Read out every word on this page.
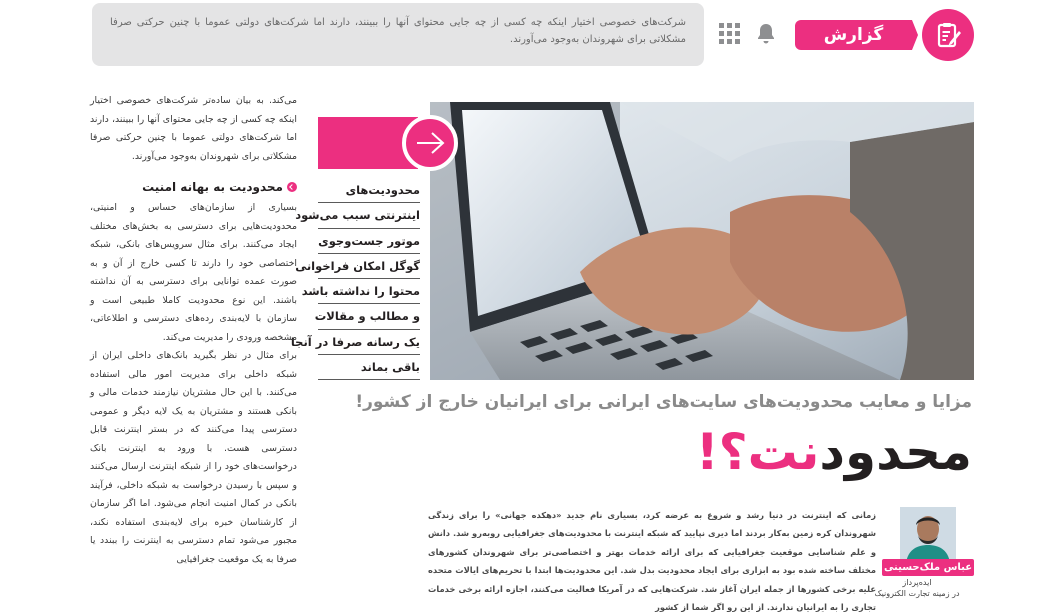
گزارش
شرکت‌های خصوصی اختیار اینکه چه کسی از چه جایی محتوای آنها را ببینند، دارند اما شرکت‌های دولتی عموما با چنین حرکتی صرفا مشکلاتی برای شهروندان به‌وجود می‌آورند.
محدودیت‌های
اینترنتی سبب می‌شود
موتور جست‌وجوی
گوگل امکان فراخوانی
محتوا را نداشته باشد
و مطالب و مقالات
یک رسانه صرفا در آنجا
باقی بماند
مزایا و معایب محدودیت‌های سایت‌های ایرانی برای ایرانیان خارج از کشور!
محدودنت؟!
عباس ملک‌حسینی
ایده‌پرداز
در زمینه تجارت الکترونیک
زمانی که اینترنت در دنیا رشد و شروع به عرضه کرد، بسیاری نام جدید «دهکده جهانی» را برای زندگی شهروندان کره زمین به‌کار بردند اما دیری نپایید که شبکه اینترنت با محدودیت‌های جغرافیایی روبه‌رو شد. دانش و علم شناسایی موقعیت جغرافیایی که برای ارائه خدمات بهتر و اختصاصی‌تر برای شهروندان کشورهای مختلف ساخته شده بود به ابزاری برای ایجاد محدودیت بدل شد. این محدودیت‌ها ابتدا با تحریم‌های ایالات متحده علیه برخی کشورها از جمله ایران آغاز شد. شرکت‌هایی که در آمریکا فعالیت می‌کنند، اجازه ارائه برخی خدمات تجاری را به ایرانیان ندارند. از این رو اگر شما از کشور

می‌کند. به بیان ساده‌تر شرکت‌های خصوصی اختیار اینکه چه کسی از چه جایی محتوای آنها را ببینند، دارند اما شرکت‌های دولتی عموما با چنین حرکتی صرفا مشکلاتی برای شهروندان به‌وجود می‌آورند.

محدودیت به بهانه امنیت

بسیاری از سازمان‌های حساس و امنیتی، محدودیت‌هایی برای دسترسی به بخش‌های مختلف ایجاد می‌کنند. برای مثال سرویس‌های بانکی، شبکه اختصاصی خود را دارند تا کسی خارج از آن و به صورت عمده توانایی برای دسترسی به آن نداشته باشند. این نوع محدودیت کاملا طبیعی است و سازمان با لایه‌بندی رده‌های دسترسی و اطلاعاتی، مشخصه ورودی را مدیریت می‌کند.

برای مثال در نظر بگیرید بانک‌های داخلی ایران از شبکه داخلی برای مدیریت امور مالی استفاده می‌کنند. با این حال مشتریان نیازمند خدمات مالی و بانکی هستند و مشتریان به یک لایه دیگر و عمومی دسترسی پیدا می‌کنند که در بستر اینترنت قابل دسترسی هست. با ورود به اینترنت بانک درخواست‌های خود را از شبکه اینترنت ارسال می‌کنند و سپس با رسیدن درخواست به شبکه داخلی، فرآیند بانکی در کمال امنیت انجام می‌شود. اما اگر سازمان از کارشناسان خبره برای لایه‌بندی استفاده نکند، مجبور می‌شود تمام دسترسی به اینترنت را ببندد یا صرفا به یک موقعیت جغرافیایی
